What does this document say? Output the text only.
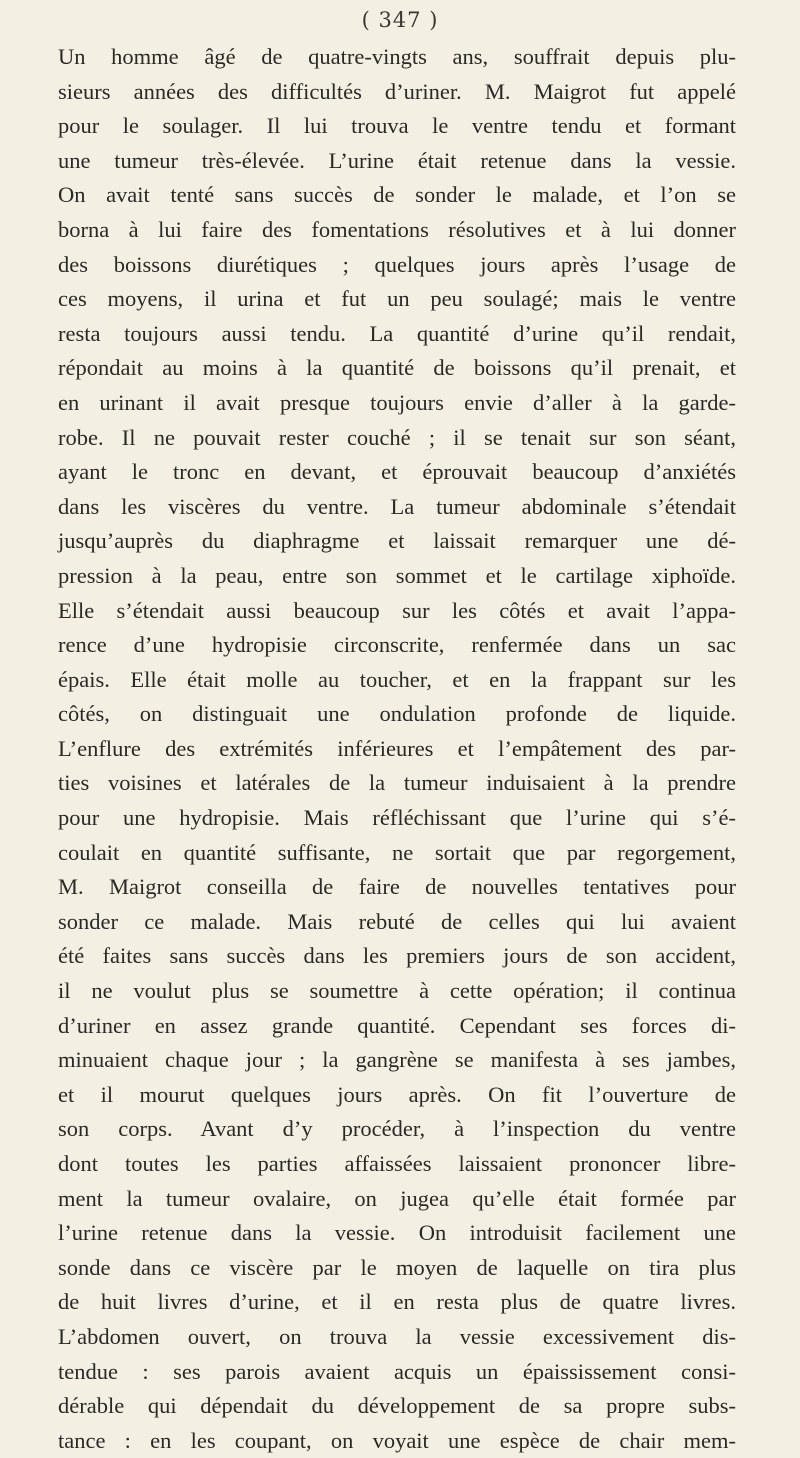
( 347 )
Un homme âgé de quatre-vingts ans, souffrait depuis plu-
sieurs années des difficultés d’uriner. M. Maigrot fut appelé
pour le soulager. Il lui trouva le ventre tendu et formant
une tumeur très-élevée. L’urine était retenue dans la vessie.
On avait tenté sans succès de sonder le malade, et l’on se
borna à lui faire des fomentations résolutives et à lui donner
des boissons diurétiques ; quelques jours après l’usage de
ces moyens, il urina et fut un peu soulagé; mais le ventre
resta toujours aussi tendu. La quantité d’urine qu’il rendait,
répondait au moins à la quantité de boissons qu’il prenait, et
en urinant il avait presque toujours envie d’aller à la garde-
robe. Il ne pouvait rester couché ; il se tenait sur son séant,
ayant le tronc en devant, et éprouvait beaucoup d’anxiétés
dans les viscères du ventre. La tumeur abdominale s’étendait
jusqu’auprès du diaphragme et laissait remarquer une dé-
pression à la peau, entre son sommet et le cartilage xiphoïde.
Elle s’étendait aussi beaucoup sur les côtés et avait l’appa-
rence d’une hydropisie circonscrite, renfermée dans un sac
épais. Elle était molle au toucher, et en la frappant sur les
côtés, on distinguait une ondulation profonde de liquide.
L’enflure des extrémités inférieures et l’empâtement des par-
ties voisines et latérales de la tumeur induisaient à la prendre
pour une hydropisie. Mais réfléchissant que l’urine qui s’é-
coulait en quantité suffisante, ne sortait que par regorgement,
M. Maigrot conseilla de faire de nouvelles tentatives pour
sonder ce malade. Mais rebuté de celles qui lui avaient
été faites sans succès dans les premiers jours de son accident,
il ne voulut plus se soumettre à cette opération; il continua
d’uriner en assez grande quantité. Cependant ses forces di-
minuaient chaque jour ; la gangrène se manifesta à ses jambes,
et il mourut quelques jours après. On fit l’ouverture de
son corps. Avant d’y procéder, à l’inspection du ventre
dont toutes les parties affaissées laissaient prononcer libre-
ment la tumeur ovalaire, on jugea qu’elle était formée par
l’urine retenue dans la vessie. On introduisit facilement une
sonde dans ce viscère par le moyen de laquelle on tira plus
de huit livres d’urine, et il en resta plus de quatre livres.
L’abdomen ouvert, on trouva la vessie excessivement dis-
tendue : ses parois avaient acquis un épaississement consi-
dérable qui dépendait du développement de sa propre subs-
tance : en les coupant, on voyait une espèce de chair mem-
